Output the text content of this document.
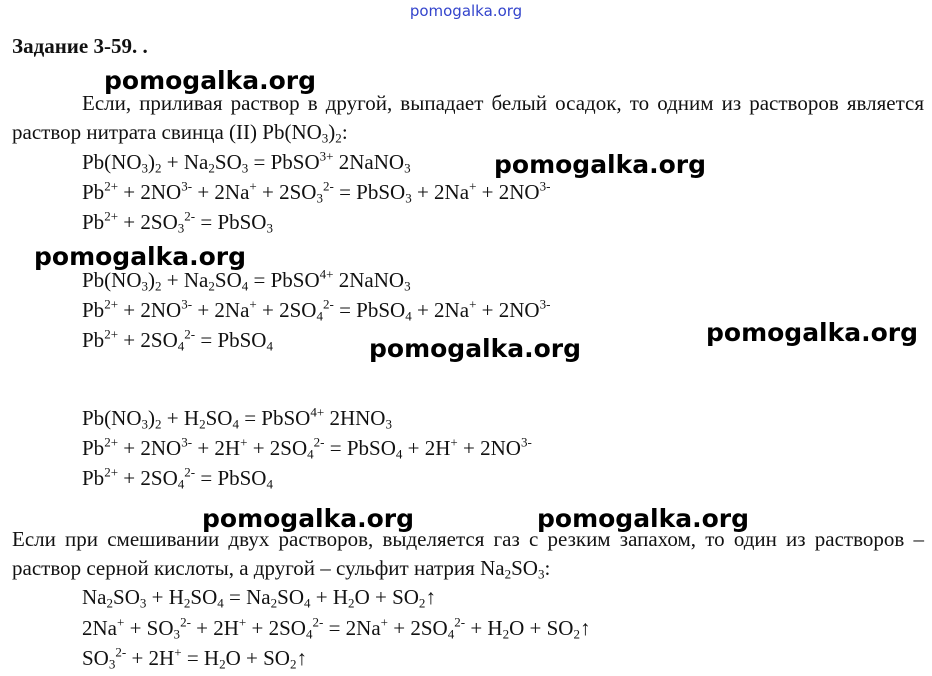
pomogalka.org
Задание 3-59. .
Если, приливая раствор в другой, выпадает белый осадок, то одним из растворов является раствор нитрата свинца (II) $Pb(NO_3)_2$:
$Pb(NO_3)_2 + Na_2SO_3$ = PbSO$^{3+}$ 2NaNO$_3$
$Pb^{2+} + 2NO^{3-} + 2Na^+ + 2SO_3^{2-}$ = PbSO$_3$ + $2Na^+ + 2NO^{3-}$
$Pb^{2+} + 2SO_3^{2-}$ = PbSO$_3$
$Pb(NO_3)_2 + Na_2SO_4$ = PbSO$^{4+}$ 2NaNO$_3$
$Pb^{2+} + 2NO^{3-} + 2Na^+ + 2SO_4^{2-}$ = PbSO$_4$ + $2Na^+ + 2NO^{3-}$
$Pb^{2+} + 2SO_4^{2-}$ = PbSO$_4$
$Pb(NO_3)_2 + H_2SO_4$ = PbSO$^{4+}$ $2HNO_3$
$Pb^{2+} + 2NO^{3-} + 2H^+ + 2SO_4^{2-}$ = PbSO$_4$ + $2H^+ + 2NO^{3-}$
$Pb^{2+} + 2SO_4^{2-}$ = PbSO$_4$
Если при смешивании двух растворов, выделяется газ с резким запахом, то один из растворов – раствор серной кислоты, а другой – сульфит натрия $Na_2SO_3$:
$Na_2SO_3 + H_2SO_4 = Na_2SO_4 + H_2O$ + $SO_2↑$
$2Na^+ + SO_3^{2-} + 2H^+ + 2SO_4^{2-} = 2Na^+ + 2SO_4^{2-} + H_2O$ + $SO_2↑$
$SO_3^{2-} + 2H^+ = H_2O$ + $SO_2↑$
pomogalka.org
pomogalka.org
pomogalka.org
pomogalka.org
pomogalka.org
pomogalka.org	pomogalka.org
